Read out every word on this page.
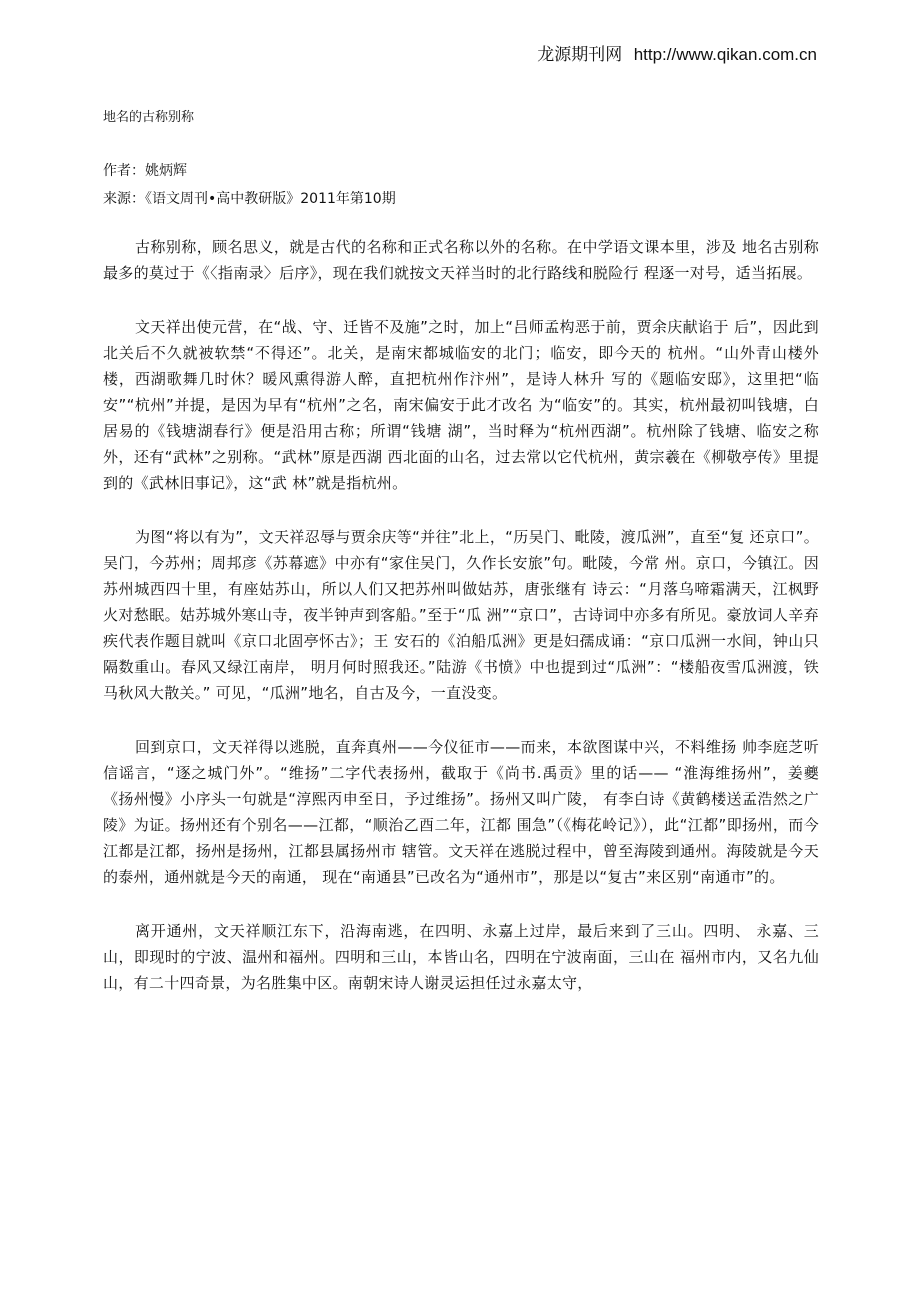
龙源期刊网 http://www.qikan.com.cn
地名的古称别称
作者：姚炳辉
来源：《语文周刊•高中教研版》2011年第10期

古称别称，顾名思义，就是古代的名称和正式名称以外的名称。在中学语文课本里，涉及 地名古别称最多的莫过于《〈指南录〉后序》，现在我们就按文天祥当时的北行路线和脱险行 程逐一对号，适当拓展。

文天祥出使元营，在“战、守、迁皆不及施”之时，加上“吕师孟构恶于前，贾余庆献谄于 后”，因此到北关后不久就被软禁“不得还”。北关，是南宋都城临安的北门；临安，即今天的 杭州。“山外青山楼外楼，西湖歌舞几时休？暖风熏得游人醉，直把杭州作汴州”，是诗人林升 写的《题临安邸》，这里把“临安”“杭州”并提，是因为早有“杭州”之名，南宋偏安于此才改名 为“临安”的。其实，杭州最初叫钱塘，白居易的《钱塘湖春行》便是沿用古称；所谓“钱塘 湖”，当时释为“杭州西湖”。杭州除了钱塘、临安之称外，还有“武林”之别称。“武林”原是西湖 西北面的山名，过去常以它代杭州，黄宗羲在《柳敬亭传》里提到的《武林旧事记》，这“武 林”就是指杭州。

为图“将以有为”，文天祥忍辱与贾余庆等“并往”北上，“历吴门、毗陵，渡瓜洲”，直至“复 还京口”。吴门，今苏州；周邦彦《苏幕遮》中亦有“家住吴门，久作长安旅”句。毗陵，今常 州。京口，今镇江。因苏州城西四十里，有座姑苏山，所以人们又把苏州叫做姑苏，唐张继有 诗云：“月落乌啼霜满天，江枫野火对愁眠。姑苏城外寒山寺，夜半钟声到客船。”至于“瓜 洲”“京口”，古诗词中亦多有所见。豪放词人辛弃疾代表作题目就叫《京口北固亭怀古》；王 安石的《泊船瓜洲》更是妇孺成诵：“京口瓜洲一水间，钟山只隔数重山。春风又绿江南岸， 明月何时照我还。”陆游《书愤》中也提到过“瓜洲”：“楼船夜雪瓜洲渡，铁马秋风大散关。” 可见，“瓜洲”地名，自古及今，一直没变。

回到京口，文天祥得以逃脱，直奔真州——今仪征市——而来，本欲图谋中兴，不料维扬 帅李庭芝听信谣言，“逐之城门外”。“维扬”二字代表扬州，截取于《尚书.禹贡》里的话—— “淮海维扬州”，姜夔《扬州慢》小序头一句就是“淳熙丙申至日，予过维扬”。扬州又叫广陵， 有李白诗《黄鹤楼送孟浩然之广陵》为证。扬州还有个别名——江都，“顺治乙酉二年，江都 围急”（《梅花岭记》），此“江都”即扬州，而今江都是江都，扬州是扬州，江都县属扬州市 辖管。文天祥在逃脱过程中，曾至海陵到通州。海陵就是今天的泰州，通州就是今天的南通， 现在“南通县”已改名为“通州市”，那是以“复古”来区别“南通市”的。

离开通州，文天祥顺江东下，沿海南逃，在四明、永嘉上过岸，最后来到了三山。四明、 永嘉、三山，即现时的宁波、温州和福州。四明和三山，本皆山名，四明在宁波南面，三山在 福州市内，又名九仙山，有二十四奇景，为名胜集中区。南朝宋诗人谢灵运担任过永嘉太守，
